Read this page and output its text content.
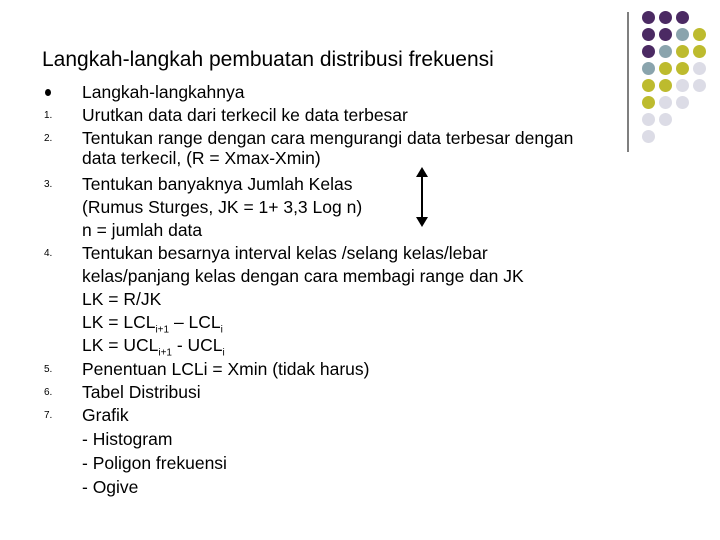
Langkah-langkah pembuatan distribusi frekuensi
1.
2.
3.
4.
5.
6.
7.
Langkah-langkahnya
Urutkan data dari terkecil ke data terbesar
Tentukan range dengan cara mengurangi data terbesar dengan
data terkecil, (R = Xmax-Xmin)
Tentukan banyaknya Jumlah Kelas
(Rumus Sturges, JK = 1+ 3,3 Log n)
n = jumlah data
Tentukan besarnya interval kelas /selang kelas/lebar
kelas/panjang kelas dengan cara membagi range dan JK
LK = R/JK
LK = $LCL_{i+1} - LCL_i$
LK = $UCL_{i+1} - UCL_i$
Penentuan LCLi = Xmin (tidak harus)
Tabel Distribusi
Grafik
- Histogram
- Poligon frekuensi
- Ogive
